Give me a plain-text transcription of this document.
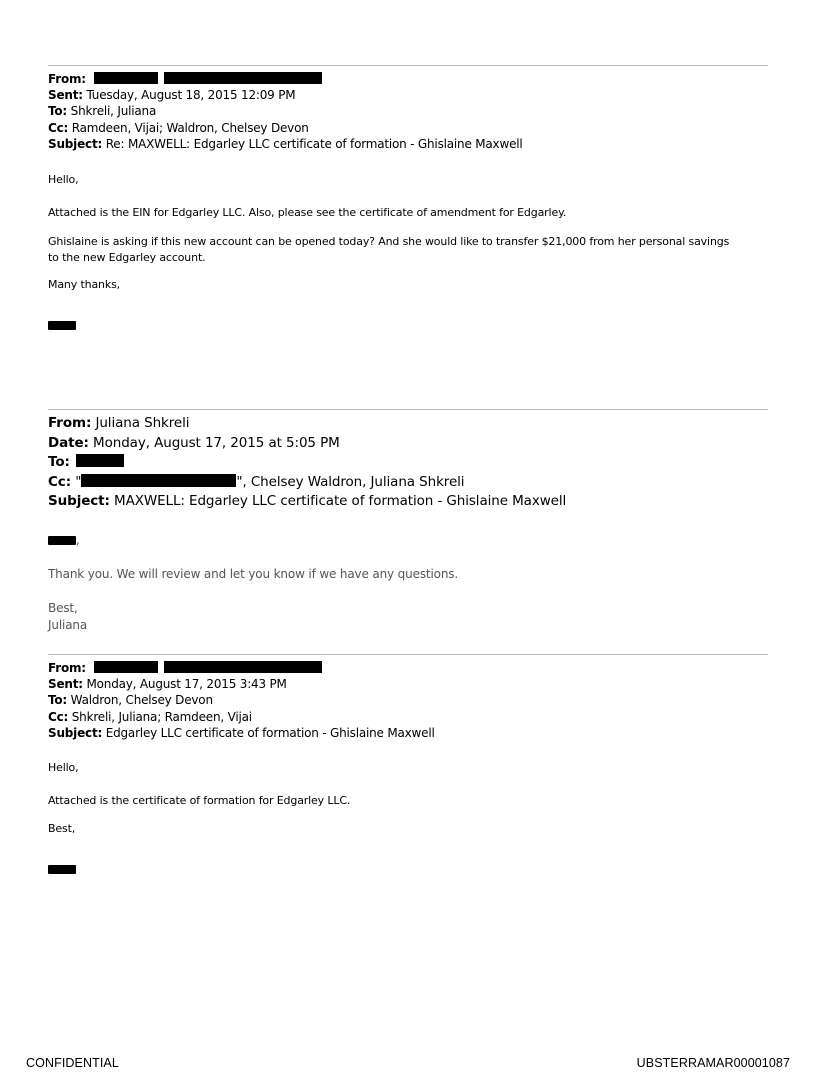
From:
Sent: Tuesday, August 18, 2015 12:09 PM
To: Shkreli, Juliana
Cc: Ramdeen, Vijai; Waldron, Chelsey Devon
Subject: Re: MAXWELL: Edgarley LLC certificate of formation - Ghislaine Maxwell

Hello,

Attached is the EIN for Edgarley LLC. Also, please see the certificate of amendment for Edgarley.

Ghislaine is asking if this new account can be opened today? And she would like to transfer $21,000 from her personal savings

to the new Edgarley account.

Many thanks,

From: Juliana Shkreli
Date: Monday, August 17, 2015 at 5:05 PM
To:
Cc: "	", Chelsey Waldron, Juliana Shkreli
Subject: MAXWELL: Edgarley LLC certificate of formation - Ghislaine Maxwell

,

Thank you. We will review and let you know if we have any questions.

Best,

Juliana

From:
Sent: Monday, August 17, 2015 3:43 PM
To: Waldron, Chelsey Devon
Cc: Shkreli, Juliana; Ramdeen, Vijai
Subject: Edgarley LLC certificate of formation - Ghislaine Maxwell

Hello,

Attached is the certificate of formation for Edgarley LLC.

Best,

CONFIDENTIAL	UBSTERRAMAR00001087
